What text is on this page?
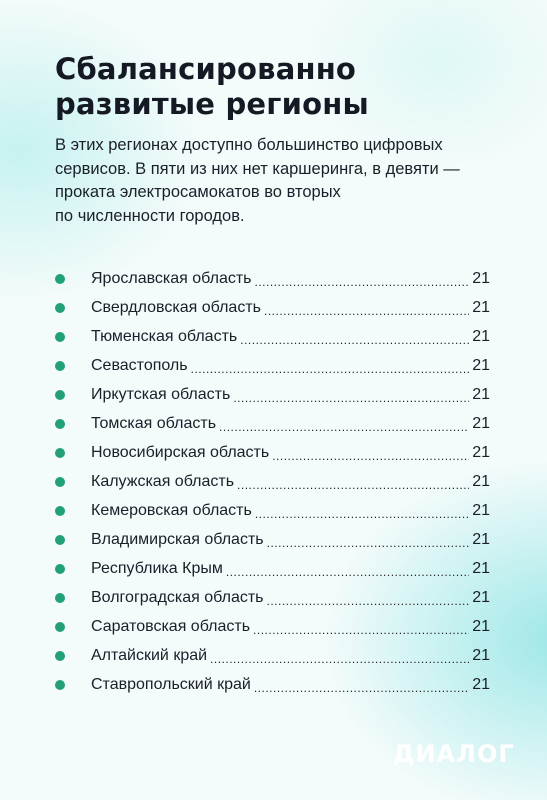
Сбалансированно
развитые регионы

В этих регионах доступно большинство цифровых
сервисов. В пяти из них нет каршеринга, в девяти —
проката электросамокатов во вторых
по численности городов.

Ярославская область .....	21
Свердловская область .....	21
Тюменская область .....	21
Севастополь .....	21
Иркутская область .....	21
Томская область .....	21
Новосибирская область .....	21
Калужская область .....	21
Кемеровская область .....	21
Владимирская область .....	21
Республика Крым .....	21
Волгоградская область .....	21
Саратовская область .....	21
Алтайский край .....	21
Ставропольский край .....	21
ДИАЛОГ
